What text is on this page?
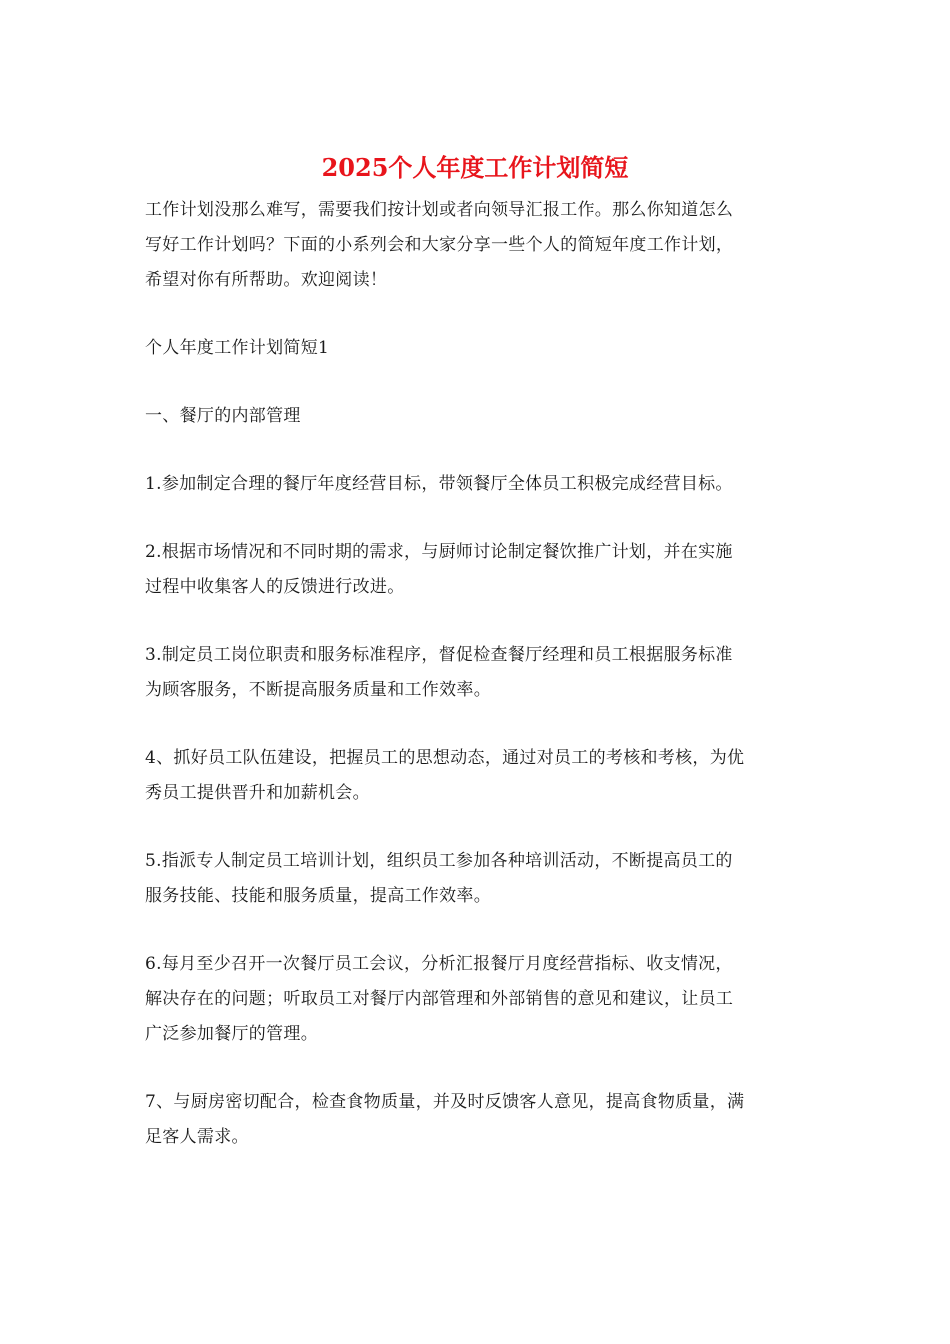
2025个人年度工作计划简短

工作计划没那么难写，需要我们按计划或者向领导汇报工作。那么你知道怎么

写好工作计划吗？下面的小系列会和大家分享一些个人的简短年度工作计划，

希望对你有所帮助。欢迎阅读！

个人年度工作计划简短1

一、餐厅的内部管理

1.参加制定合理的餐厅年度经营目标，带领餐厅全体员工积极完成经营目标。

2.根据市场情况和不同时期的需求，与厨师讨论制定餐饮推广计划，并在实施

过程中收集客人的反馈进行改进。

3.制定员工岗位职责和服务标准程序，督促检查餐厅经理和员工根据服务标准

为顾客服务，不断提高服务质量和工作效率。

4、抓好员工队伍建设，把握员工的思想动态，通过对员工的考核和考核，为优

秀员工提供晋升和加薪机会。

5.指派专人制定员工培训计划，组织员工参加各种培训活动，不断提高员工的

服务技能、技能和服务质量，提高工作效率。

6.每月至少召开一次餐厅员工会议，分析汇报餐厅月度经营指标、收支情况，

解决存在的问题；听取员工对餐厅内部管理和外部销售的意见和建议，让员工

广泛参加餐厅的管理。

7、与厨房密切配合，检查食物质量，并及时反馈客人意见，提高食物质量，满

足客人需求。
